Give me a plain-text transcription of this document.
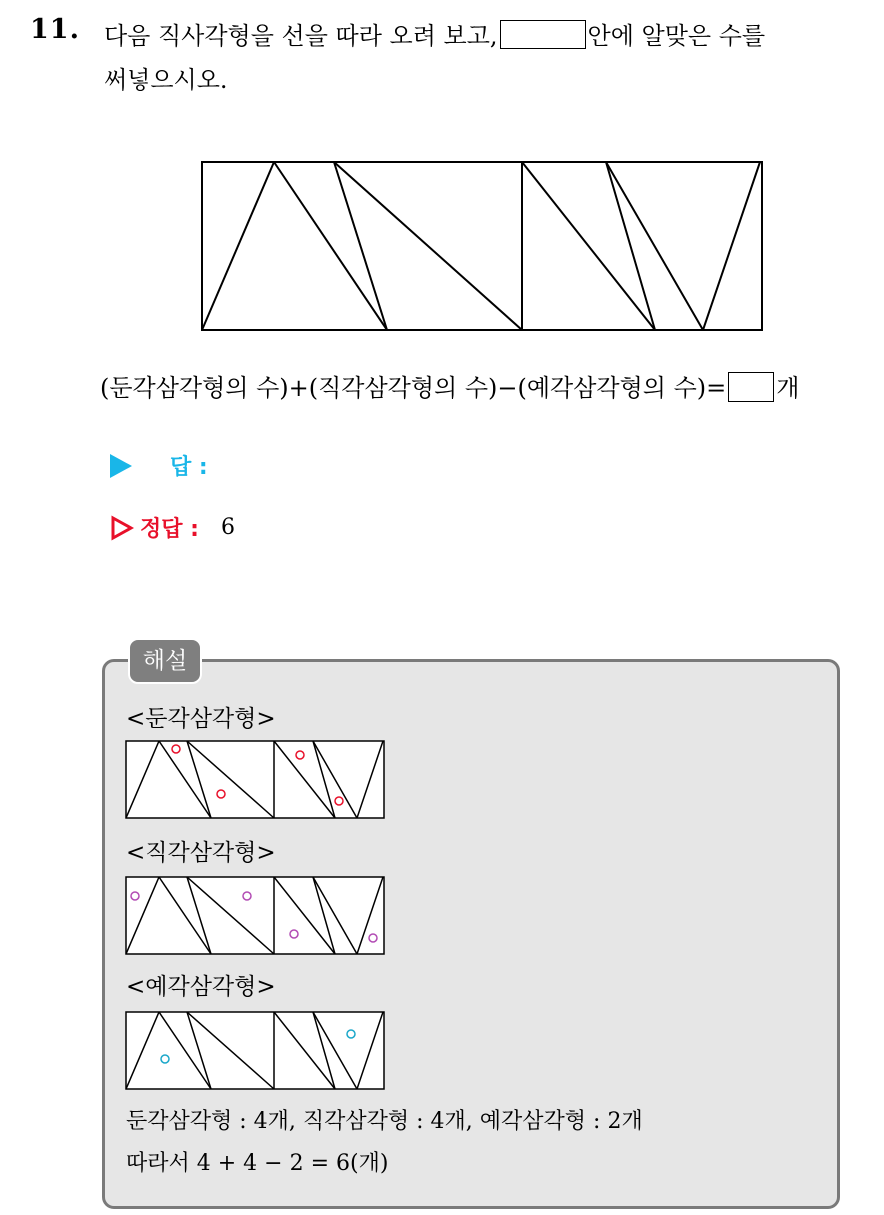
11. 다음 직사각형을 선을 따라 오려 보고,	안에 알맞은 수를
써넣으시오.
(둔각삼각형의 수)+(직각삼각형의 수)−(예각삼각형의 수)= 개
답 :
정답 : 6
해설
<둔각삼각형>
<직각삼각형>
<예각삼각형>
둔각삼각형 : 4개, 직각삼각형 : 4개, 예각삼각형 : 2개
따라서 4 + 4 − 2 = 6(개)
